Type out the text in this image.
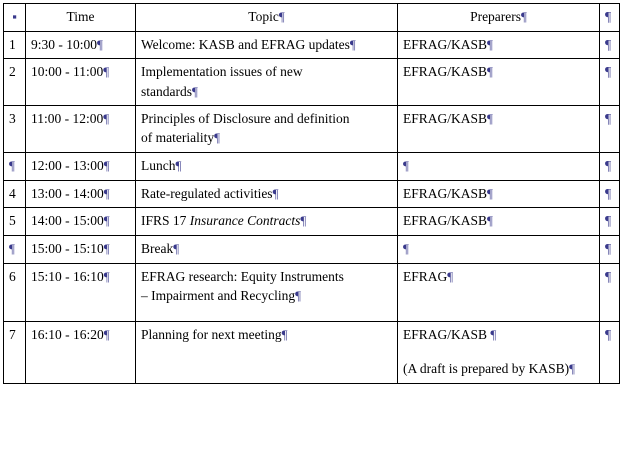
▪	Time	Topic¶	Preparers¶	¶
1	9:30 - 10:00¶	Welcome: KASB and EFRAG updates¶	EFRAG/KASB¶	¶
2	10:00 - 11:00¶	Implementation issues of new
standards¶	EFRAG/KASB¶	¶
3	11:00 - 12:00¶	Principles of Disclosure and definition
of materiality¶	EFRAG/KASB¶	¶
¶	12:00 - 13:00¶	Lunch¶	¶	¶
4	13:00 - 14:00¶	Rate-regulated activities¶	EFRAG/KASB¶	¶
5	14:00 - 15:00¶	IFRS 17 Insurance Contracts¶	EFRAG/KASB¶	¶
¶	15:00 - 15:10¶	Break¶	¶	¶
6	15:10 - 16:10¶	EFRAG research: Equity Instruments
– Impairment and Recycling¶	EFRAG¶	¶
7	16:10 - 16:20¶	Planning for next meeting¶	EFRAG/KASB ¶
(A draft is prepared by KASB)¶	¶
